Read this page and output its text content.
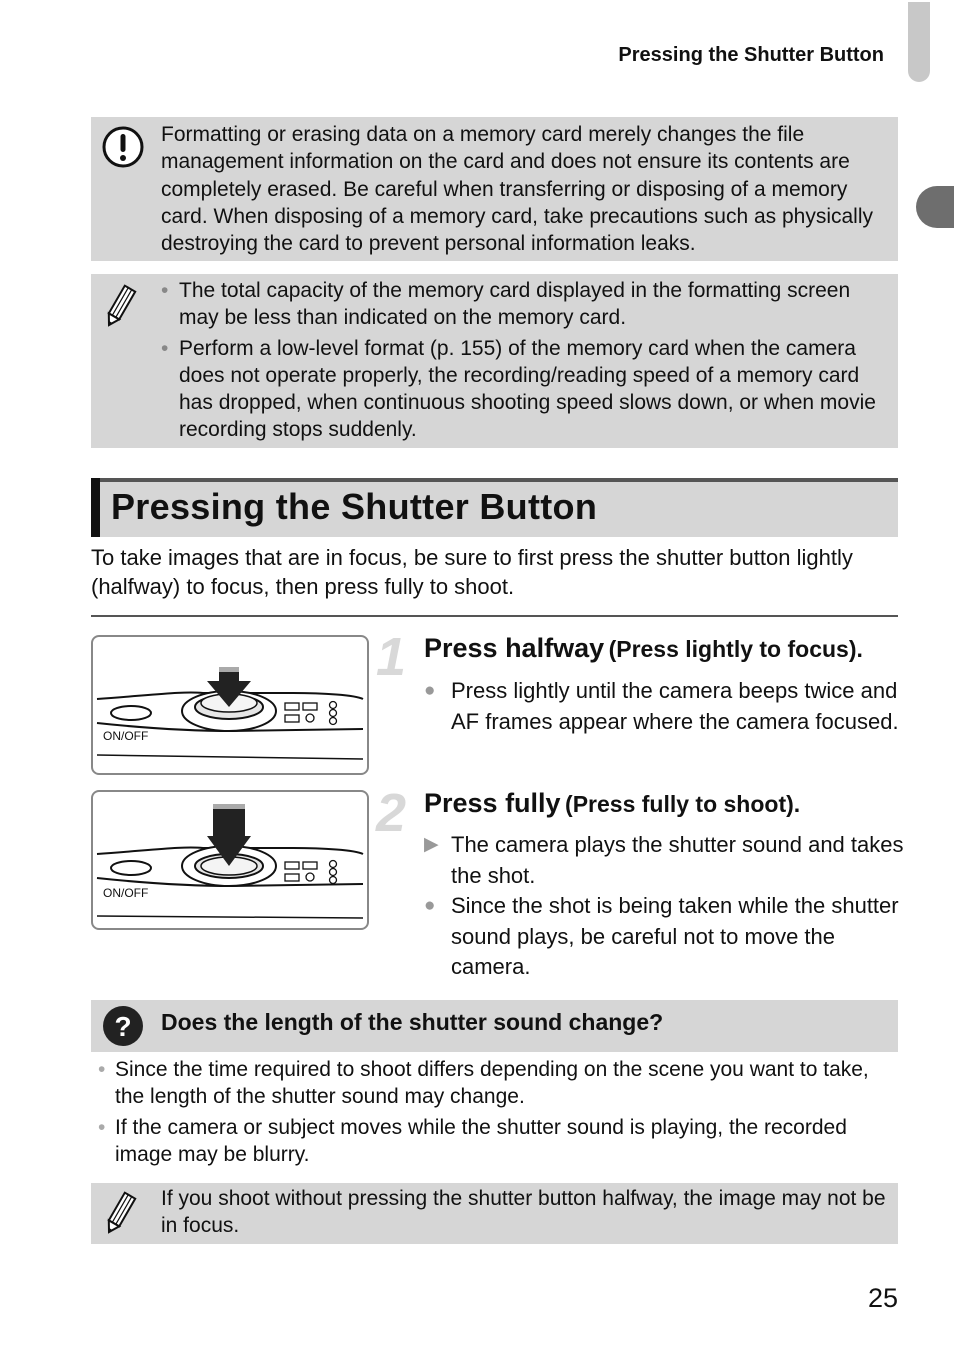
Pressing the Shutter Button
Formatting or erasing data on a memory card merely changes the file management information on the card and does not ensure its contents are completely erased. Be careful when transferring or disposing of a memory card. When disposing of a memory card, take precautions such as physically destroying the card to prevent personal information leaks.
• The total capacity of the memory card displayed in the formatting screen may be less than indicated on the memory card.
• Perform a low-level format (p. 155) of the memory card when the camera does not operate properly, the recording/reading speed of a memory card has dropped, when continuous shooting speed slows down, or when movie recording stops suddenly.
Pressing the Shutter Button
To take images that are in focus, be sure to first press the shutter button lightly (halfway) to focus, then press fully to shoot.
ON/OFF
ON/OFF
1 Press halfway (Press lightly to focus).
● Press lightly until the camera beeps twice and AF frames appear where the camera focused.
2 Press fully (Press fully to shoot).
▶ The camera plays the shutter sound and takes the shot.
● Since the shot is being taken while the shutter sound plays, be careful not to move the camera.
? Does the length of the shutter sound change?
• Since the time required to shoot differs depending on the scene you want to take, the length of the shutter sound may change.
• If the camera or subject moves while the shutter sound is playing, the recorded image may be blurry.
If you shoot without pressing the shutter button halfway, the image may not be in focus.
25
